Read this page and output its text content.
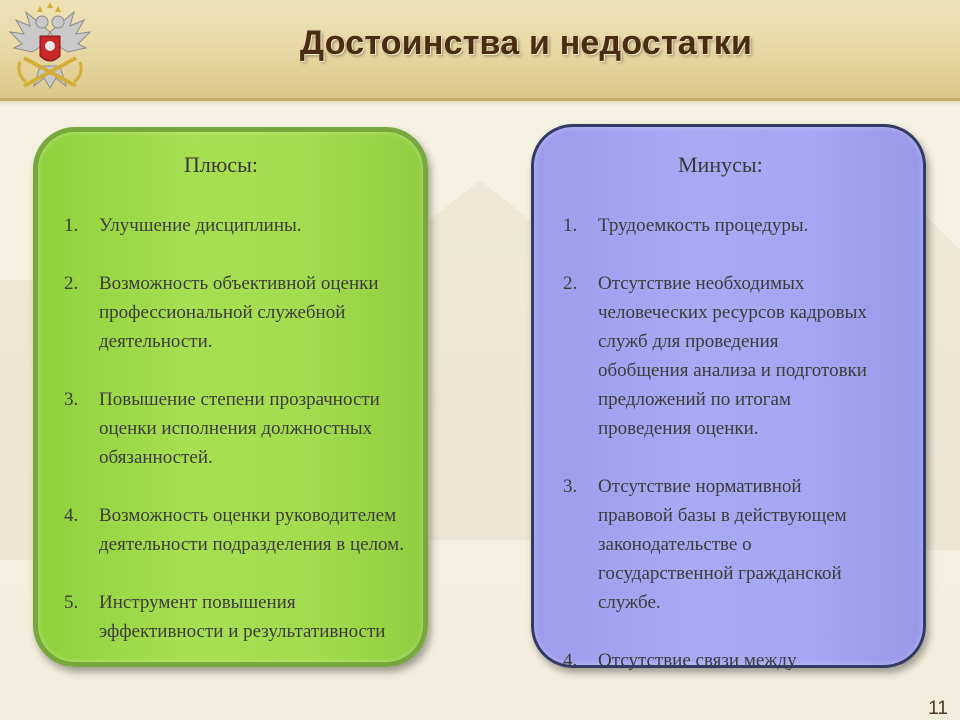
Достоинства и недостатки
Плюсы:	Минусы:
1.	Улучшение дисциплины.
2.	Возможность объективной оценки профессиональной служебной деятельности.
3.	Повышение степени прозрачности оценки исполнения должностных обязанностей.
4.	Возможность оценки руководителем деятельности подразделения в целом.
5.	Инструмент повышения эффективности и результативности
1.	Трудоемкость процедуры.
2.	Отсутствие необходимых человеческих ресурсов кадровых служб для проведения обобщения анализа и подготовки предложений по итогам проведения оценки.
3.	Отсутствие нормативной правовой базы в действующем законодательстве о государственной гражданской службе.
4.	Отсутствие связи между
11
